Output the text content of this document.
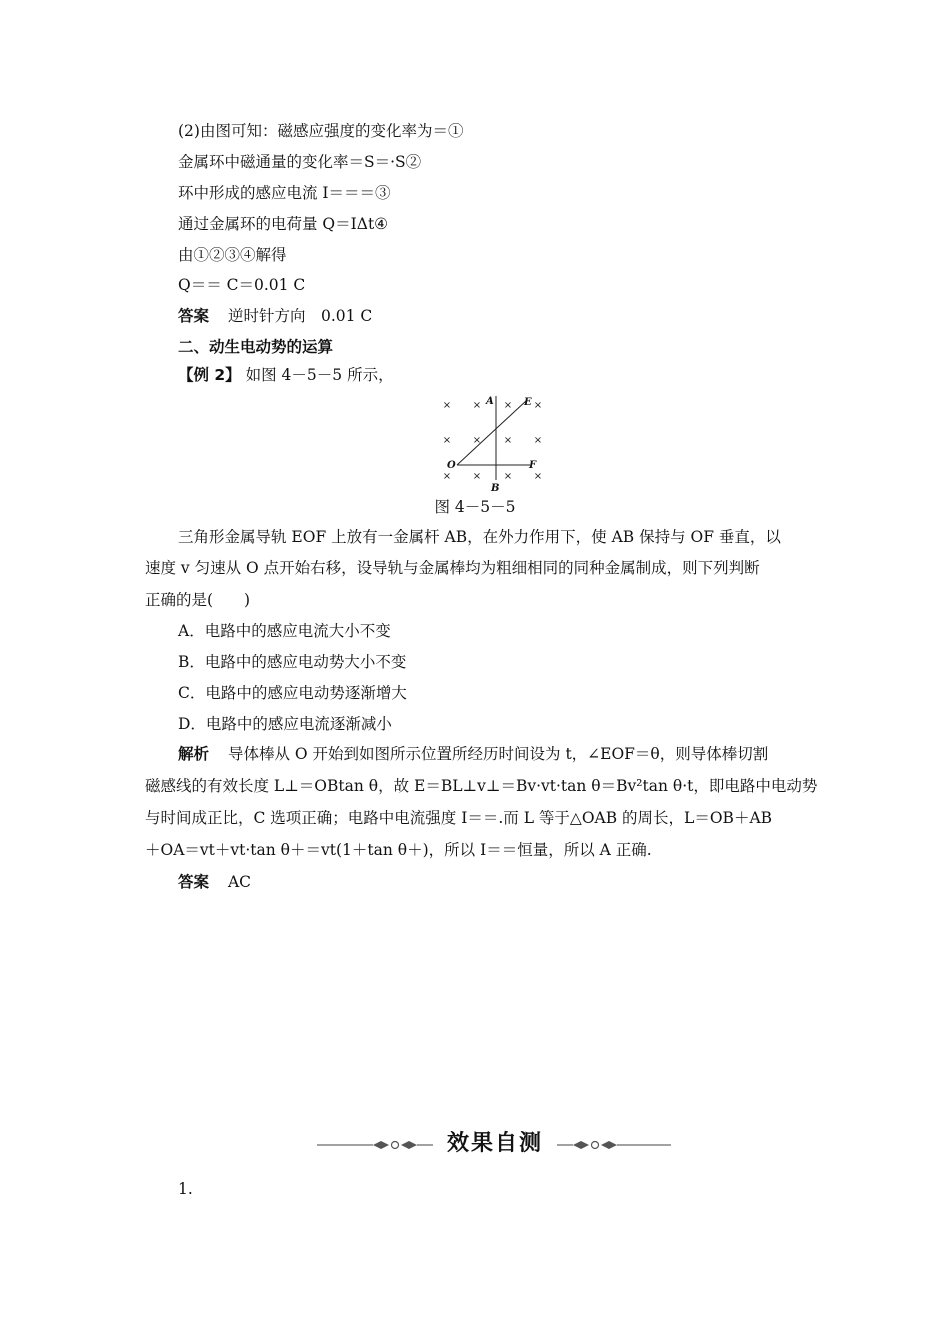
(2)由图可知：磁感应强度的变化率为＝①
金属环中磁通量的变化率＝S＝·S②
环中形成的感应电流 I＝＝＝③
通过金属环的电荷量 Q＝IΔt④
由①②③④解得
Q＝＝ C＝0.01 C
答案 逆时针方向　0.01 C
二、动生电动势的运算
【例 2】 如图 4－5－5 所示，
× × × ×
× × × ×
× × × ×
A	E
O	F
B
图 4－5－5
三角形金属导轨 EOF 上放有一金属杆 AB，在外力作用下，使 AB 保持与 OF 垂直，以
速度 v 匀速从 O 点开始右移，设导轨与金属棒均为粗细相同的同种金属制成，则下列判断
正确的是(　　)
A．电路中的感应电流大小不变
B．电路中的感应电动势大小不变
C．电路中的感应电动势逐渐增大
D．电路中的感应电流逐渐减小
解析 导体棒从 O 开始到如图所示位置所经历时间设为 t，∠EOF＝θ，则导体棒切割
磁感线的有效长度 L⊥＝OBtan θ，故 E＝BL⊥v⊥＝Bv·vt·tan θ＝Bv²tan θ·t，即电路中电动势
与时间成正比，C 选项正确；电路中电流强度 I＝＝.而 L 等于△OAB 的周长，L＝OB＋AB
＋OA＝vt＋vt·tan θ＋＝vt(1＋tan θ＋)，所以 I＝＝恒量，所以 A 正确.
答案 AC
效果自测
1.
